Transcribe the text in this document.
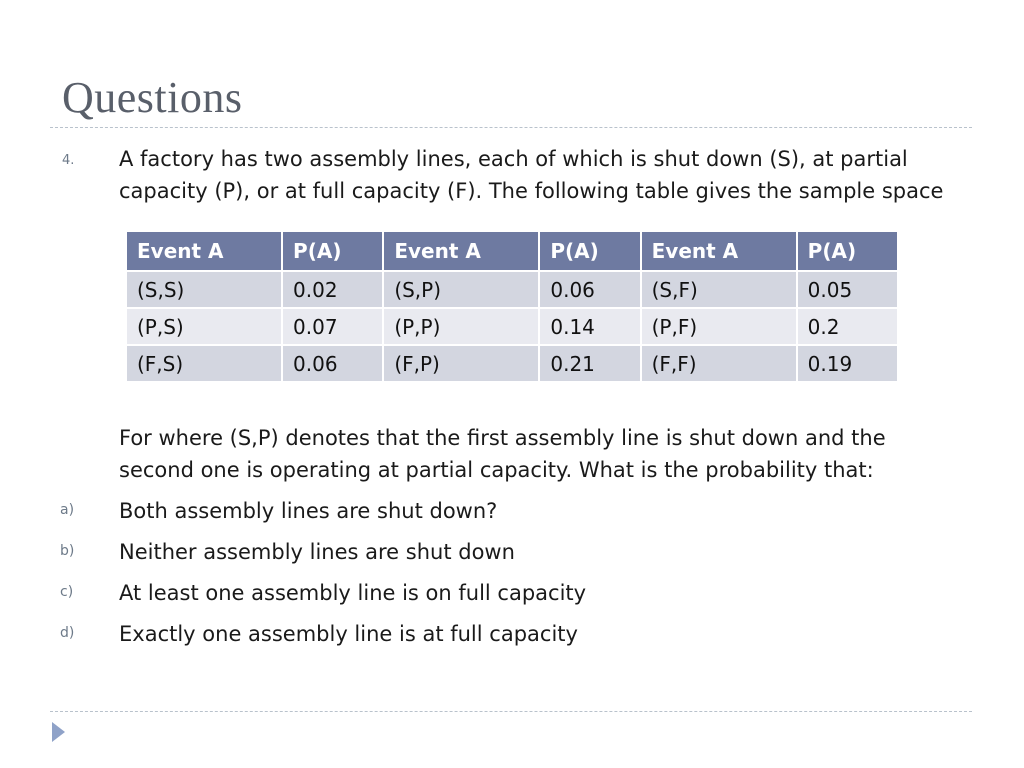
Questions
4. A factory has two assembly lines, each of which is shut down (S), at partial
capacity (P), or at full capacity (F). The following table gives the sample space
Event A	P(A)	Event A	P(A)	Event A	P(A)
(S,S)	0.02	(S,P)	0.06	(S,F)	0.05
(P,S)	0.07	(P,P)	0.14	(P,F)	0.2
(F,S)	0.06	(F,P)	0.21	(F,F)	0.19
For where (S,P) denotes that the first assembly line is shut down and the
second one is operating at partial capacity. What is the probability that:
a) Both assembly lines are shut down?
b) Neither assembly lines are shut down
c) At least one assembly line is on full capacity
d) Exactly one assembly line is at full capacity
